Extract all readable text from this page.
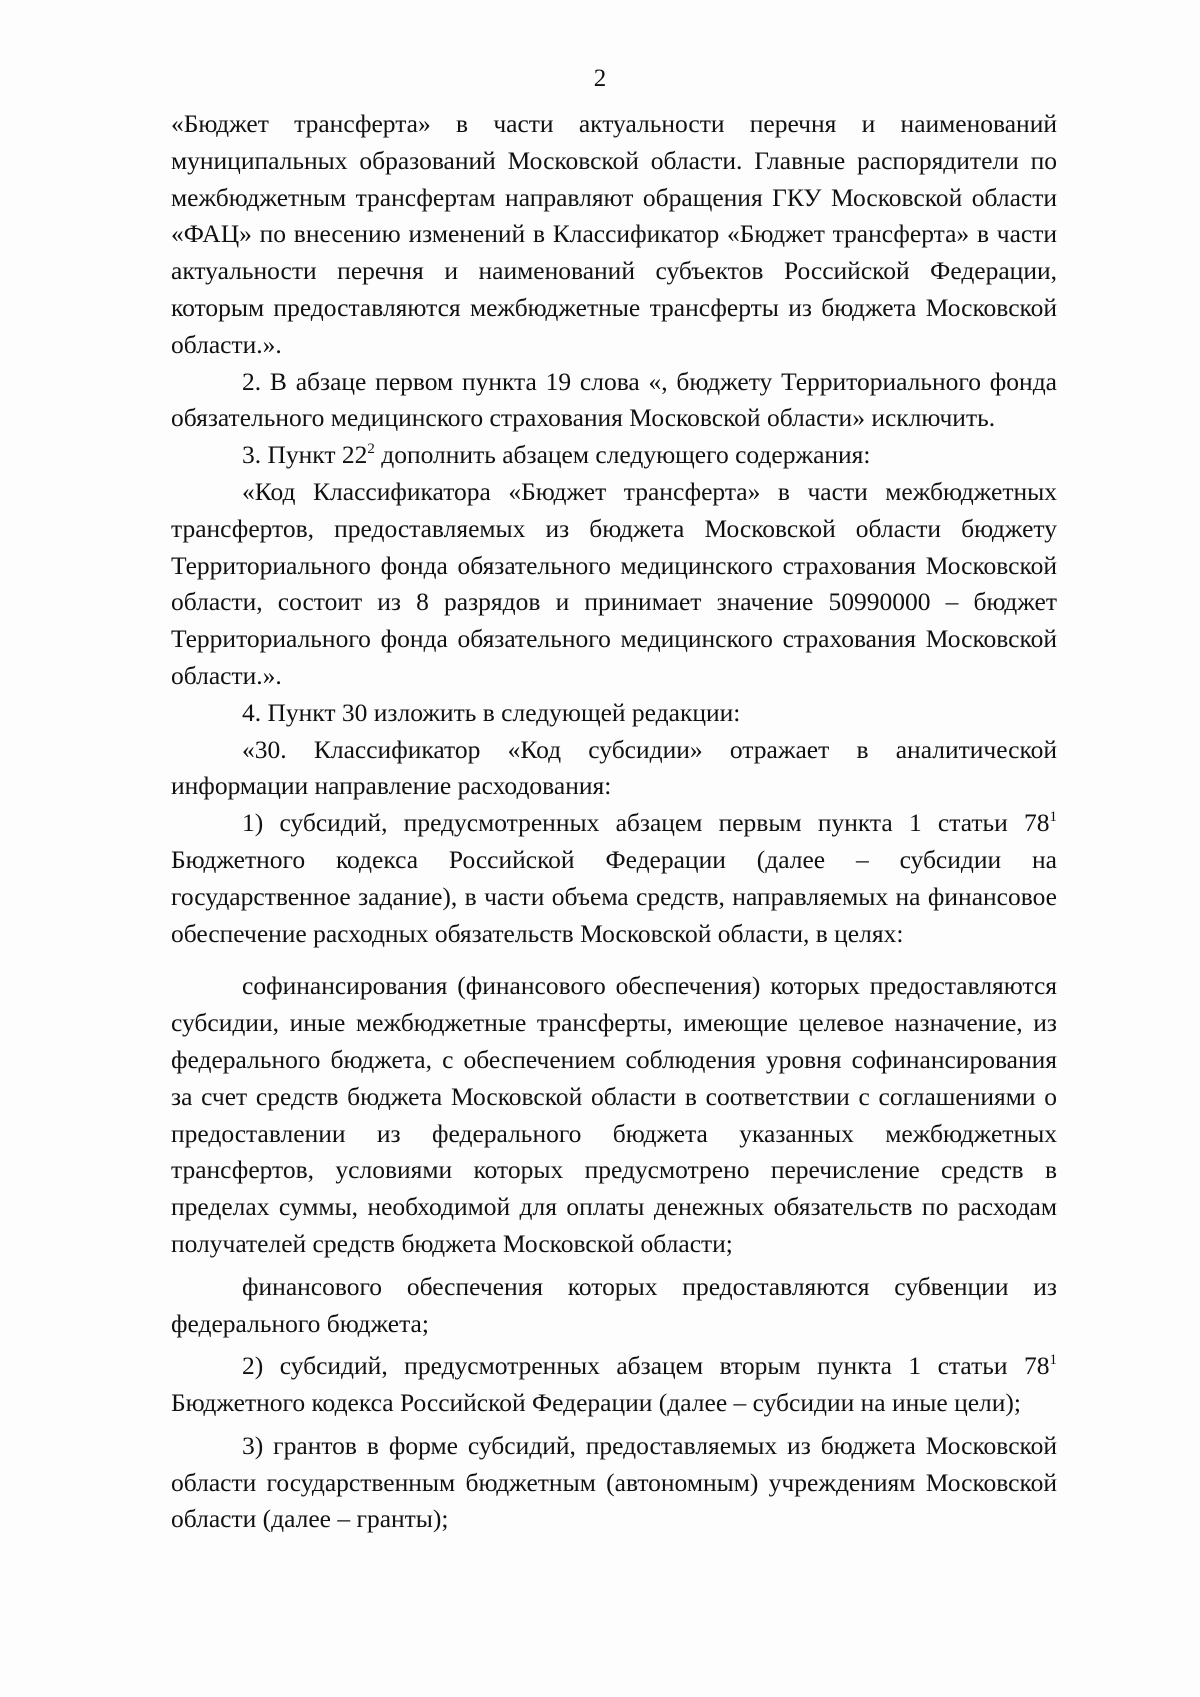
2

«Бюджет трансферта» в части актуальности перечня и наименований муниципальных образований Московской области. Главные распорядители по межбюджетным трансфертам направляют обращения ГКУ Московской области «ФАЦ» по внесению изменений в Классификатор «Бюджет трансферта» в части актуальности перечня и наименований субъектов Российской Федерации, которым предоставляются межбюджетные трансферты из бюджета Московской области.».

2. В абзаце первом пункта 19 слова «, бюджету Территориального фонда обязательного медицинского страхования Московской области» исключить.

3. Пункт $22^2$ дополнить абзацем следующего содержания:

«Код Классификатора «Бюджет трансферта» в части межбюджетных трансфертов, предоставляемых из бюджета Московской области бюджету Территориального фонда обязательного медицинского страхования Московской области, состоит из 8 разрядов и принимает значение 50990000 – бюджет Территориального фонда обязательного медицинского страхования Московской области.».

4. Пункт 30 изложить в следующей редакции:

«30. Классификатор «Код субсидии» отражает в аналитической информации направление расходования:

1) субсидий, предусмотренных абзацем первым пункта 1 статьи $78^1$ Бюджетного кодекса Российской Федерации (далее – субсидии на государственное задание), в части объема средств, направляемых на финансовое обеспечение расходных обязательств Московской области, в целях:

софинансирования (финансового обеспечения) которых предоставляются субсидии, иные межбюджетные трансферты, имеющие целевое назначение, из федерального бюджета, с обеспечением соблюдения уровня софинансирования за счет средств бюджета Московской области в соответствии с соглашениями о предоставлении из федерального бюджета указанных межбюджетных трансфертов, условиями которых предусмотрено перечисление средств в пределах суммы, необходимой для оплаты денежных обязательств по расходам получателей средств бюджета Московской области;

финансового обеспечения которых предоставляются субвенции из федерального бюджета;

2) субсидий, предусмотренных абзацем вторым пункта 1 статьи $78^1$ Бюджетного кодекса Российской Федерации (далее – субсидии на иные цели);

3) грантов в форме субсидий, предоставляемых из бюджета Московской области государственным бюджетным (автономным) учреждениям Московской области (далее – гранты);
